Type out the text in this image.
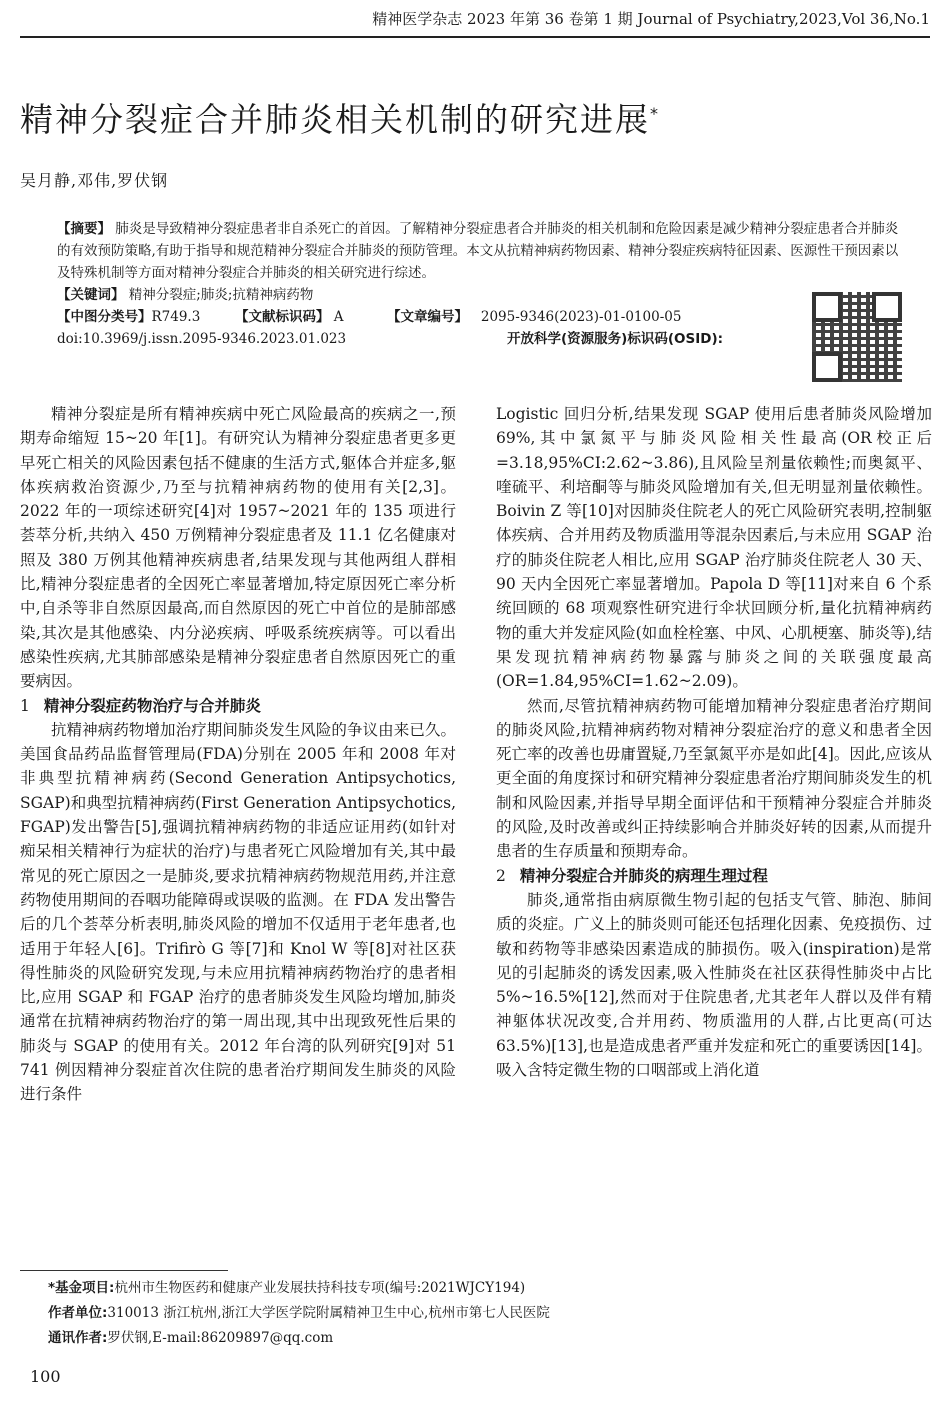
精神医学杂志 2023 年第 36 卷第 1 期 Journal of Psychiatry,2023,Vol 36,No.1
精神分裂症合并肺炎相关机制的研究进展*
吴月静,邓伟,罗伏钢
【摘要】 肺炎是导致精神分裂症患者非自杀死亡的首因。了解精神分裂症患者合并肺炎的相关机制和危险因素是减少精神分裂症患者合并肺炎的有效预防策略,有助于指导和规范精神分裂症合并肺炎的预防管理。本文从抗精神病药物因素、精神分裂症疾病特征因素、医源性干预因素以及特殊机制等方面对精神分裂症合并肺炎的相关研究进行综述。
【关键词】 精神分裂症;肺炎;抗精神病药物
【中图分类号】R749.3	【文献标识码】 A	【文章编号】 2095-9346(2023)-01-0100-05
doi:10.3969/j.issn.2095-9346.2023.01.023	开放科学(资源服务)标识码(OSID):

精神分裂症是所有精神疾病中死亡风险最高的疾病之一,预期寿命缩短 15~20 年[1]。有研究认为精神分裂症患者更多更早死亡相关的风险因素包括不健康的生活方式,躯体合并症多,躯体疾病救治资源少,乃至与抗精神病药物的使用有关[2,3]。2022 年的一项综述研究[4]对 1957~2021 年的 135 项进行荟萃分析,共纳入 450 万例精神分裂症患者及 11.1 亿名健康对照及 380 万例其他精神疾病患者,结果发现与其他两组人群相比,精神分裂症患者的全因死亡率显著增加,特定原因死亡率分析中,自杀等非自然原因最高,而自然原因的死亡中首位的是肺部感染,其次是其他感染、内分泌疾病、呼吸系统疾病等。可以看出感染性疾病,尤其肺部感染是精神分裂症患者自然原因死亡的重要病因。

1 精神分裂症药物治疗与合并肺炎

抗精神病药物增加治疗期间肺炎发生风险的争议由来已久。美国食品药品监督管理局(FDA)分别在 2005 年和 2008 年对非典型抗精神病药(Second Generation Antipsychotics, SGAP)和典型抗精神病药(First Generation Antipsychotics, FGAP)发出警告[5],强调抗精神病药物的非适应证用药(如针对痴呆相关精神行为症状的治疗)与患者死亡风险增加有关,其中最常见的死亡原因之一是肺炎,要求抗精神病药物规范用药,并注意药物使用期间的吞咽功能障碍或误吸的监测。在 FDA 发出警告后的几个荟萃分析表明,肺炎风险的增加不仅适用于老年患者,也适用于年轻人[6]。Trifirò G 等[7]和 Knol W 等[8]对社区获得性肺炎的风险研究发现,与未应用抗精神病药物治疗的患者相比,应用 SGAP 和 FGAP 治疗的患者肺炎发生风险均增加,肺炎通常在抗精神病药物治疗的第一周出现,其中出现致死性后果的肺炎与 SGAP 的使用有关。2012 年台湾的队列研究[9]对 51 741 例因精神分裂症首次住院的患者治疗期间发生肺炎的风险进行条件

Logistic 回归分析,结果发现 SGAP 使用后患者肺炎风险增加 69%,其中氯氮平与肺炎风险相关性最高(OR校正后=3.18,95%CI:2.62~3.86),且风险呈剂量依赖性;而奥氮平、喹硫平、利培酮等与肺炎风险增加有关,但无明显剂量依赖性。Boivin Z 等[10]对因肺炎住院老人的死亡风险研究表明,控制躯体疾病、合并用药及物质滥用等混杂因素后,与未应用 SGAP 治疗的肺炎住院老人相比,应用 SGAP 治疗肺炎住院老人 30 天、90 天内全因死亡率显著增加。Papola D 等[11]对来自 6 个系统回顾的 68 项观察性研究进行伞状回顾分析,量化抗精神病药物的重大并发症风险(如血栓栓塞、中风、心肌梗塞、肺炎等),结果发现抗精神病药物暴露与肺炎之间的关联强度最高(OR=1.84,95%CI=1.62~2.09)。

然而,尽管抗精神病药物可能增加精神分裂症患者治疗期间的肺炎风险,抗精神病药物对精神分裂症治疗的意义和患者全因死亡率的改善也毋庸置疑,乃至氯氮平亦是如此[4]。因此,应该从更全面的角度探讨和研究精神分裂症患者治疗期间肺炎发生的机制和风险因素,并指导早期全面评估和干预精神分裂症合并肺炎的风险,及时改善或纠正持续影响合并肺炎好转的因素,从而提升患者的生存质量和预期寿命。

2 精神分裂症合并肺炎的病理生理过程

肺炎,通常指由病原微生物引起的包括支气管、肺泡、肺间质的炎症。广义上的肺炎则可能还包括理化因素、免疫损伤、过敏和药物等非感染因素造成的肺损伤。吸入(inspiration)是常见的引起肺炎的诱发因素,吸入性肺炎在社区获得性肺炎中占比 5%~16.5%[12],然而对于住院患者,尤其老年人群以及伴有精神躯体状况改变,合并用药、物质滥用的人群,占比更高(可达 63.5%)[13],也是造成患者严重并发症和死亡的重要诱因[14]。吸入含特定微生物的口咽部或上消化道

*基金项目:杭州市生物医药和健康产业发展扶持科技专项(编号:2021WJCY194)
作者单位:310013 浙江杭州,浙江大学医学院附属精神卫生中心,杭州市第七人民医院
通讯作者:罗伏钢,E-mail:86209897@qq.com
100
